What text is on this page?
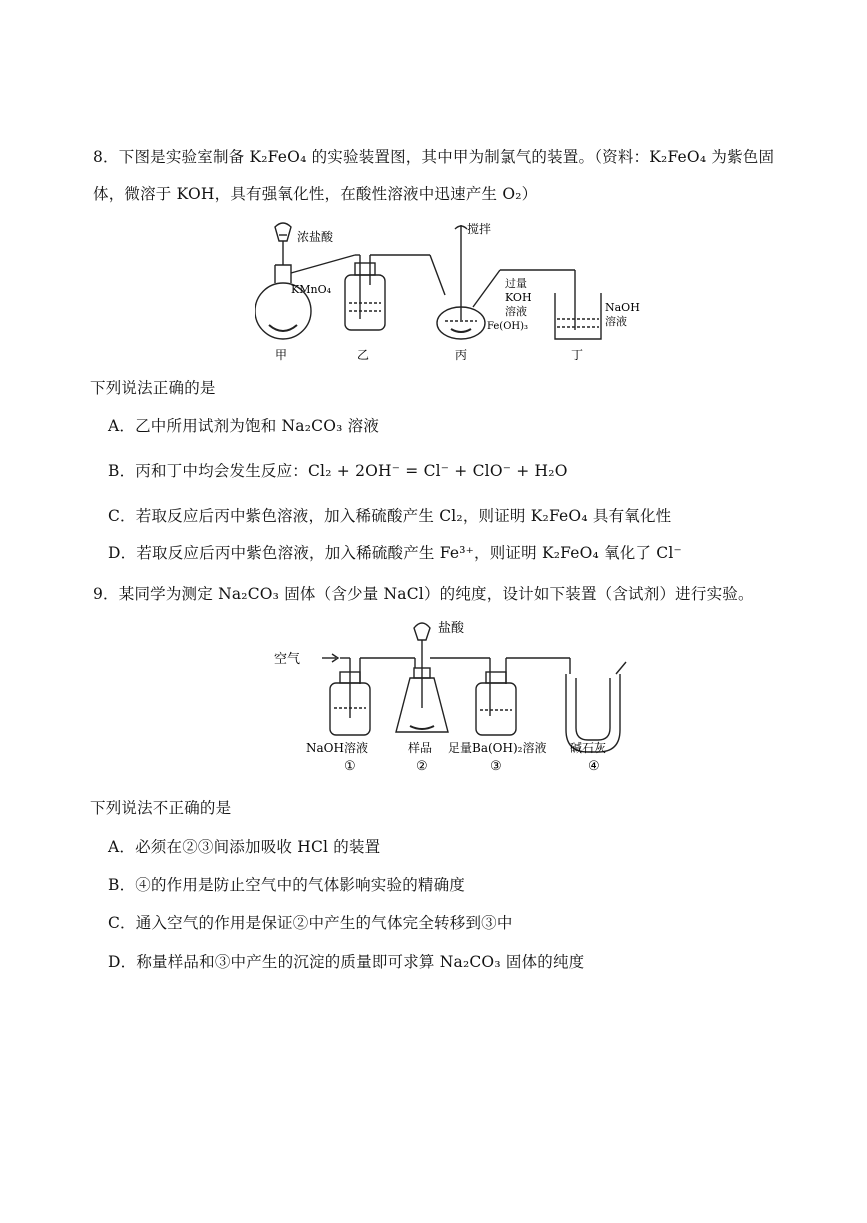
8．下图是实验室制备 K₂FeO₄ 的实验装置图，其中甲为制氯气的装置。（资料：K₂FeO₄ 为紫色固
体，微溶于 KOH，具有强氧化性，在酸性溶液中迅速产生 O₂）
浓盐酸
KMnO₄
搅拌
过量
KOH
溶液
Fe(OH)₃
NaOH
溶液
甲	乙	丙	丁
下列说法正确的是
A．乙中所用试剂为饱和 Na₂CO₃ 溶液
B．丙和丁中均会发生反应：Cl₂ + 2OH⁻ = Cl⁻ + ClO⁻ + H₂O
C．若取反应后丙中紫色溶液，加入稀硫酸产生 Cl₂，则证明 K₂FeO₄ 具有氧化性
D．若取反应后丙中紫色溶液，加入稀硫酸产生 Fe³⁺，则证明 K₂FeO₄ 氧化了 Cl⁻
9．某同学为测定 Na₂CO₃ 固体（含少量 NaCl）的纯度，设计如下装置（含试剂）进行实验。
空气
盐酸
NaOH溶液	样品 足量Ba(OH)₂溶液 碱石灰
①	②	③	④
下列说法不正确的是
A．必须在②③间添加吸收 HCl 的装置
B．④的作用是防止空气中的气体影响实验的精确度
C．通入空气的作用是保证②中产生的气体完全转移到③中
D．称量样品和③中产生的沉淀的质量即可求算 Na₂CO₃ 固体的纯度
